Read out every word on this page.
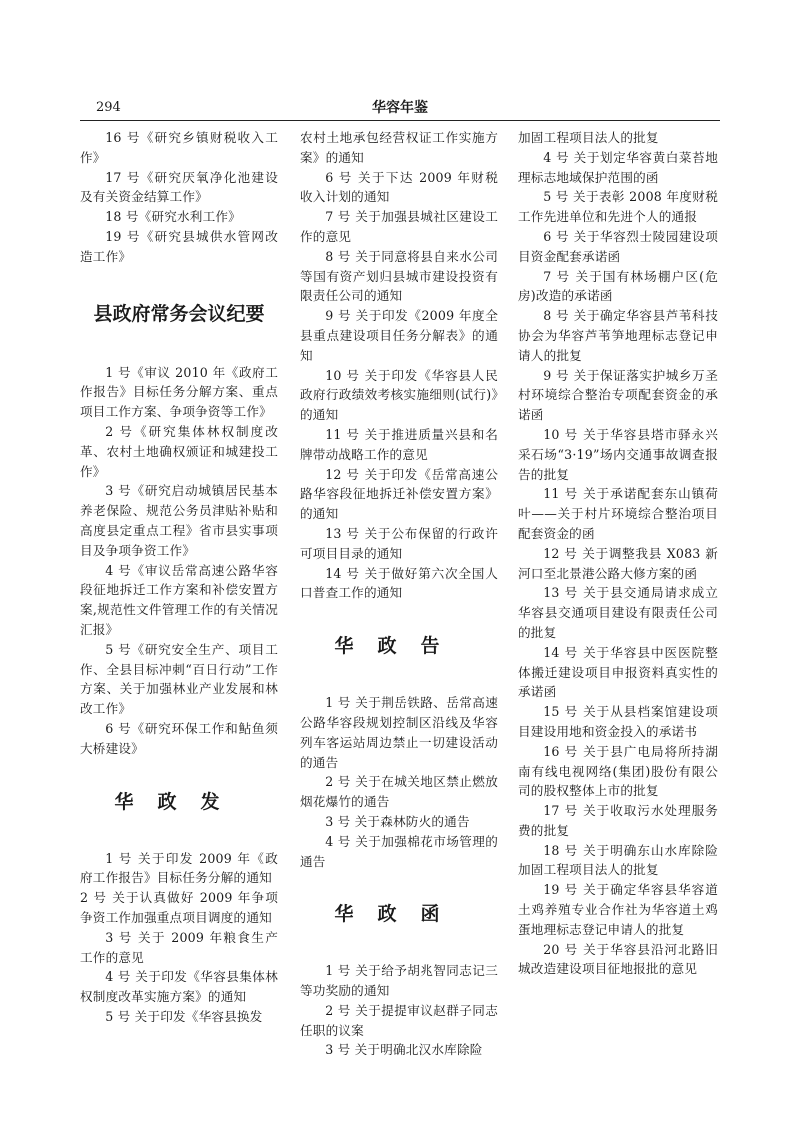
294	华容年鉴

16 号《研究乡镇财税收入工作》

17 号《研究厌氧净化池建设及有关资金结算工作》

18 号《研究水利工作》

19 号《研究县城供水管网改造工作》

县政府常务会议纪要

1 号《审议 2010 年《政府工作报告》目标任务分解方案、重点项目工作方案、争项争资等工作》

2 号《研究集体林权制度改革、农村土地确权颁证和城建投工作》

3 号《研究启动城镇居民基本养老保险、规范公务员津贴补贴和高度县定重点工程》省市县实事项目及争项争资工作》

4 号《审议岳常高速公路华容段征地拆迁工作方案和补偿安置方案,规范性文件管理工作的有关情况汇报》

5 号《研究安全生产、项目工作、全县目标冲刺“百日行动”工作方案、关于加强林业产业发展和林改工作》

6 号《研究环保工作和鲇鱼须大桥建设》

华政发

1 号 关于印发 2009 年《政府工作报告》目标任务分解的通知

2 号 关于认真做好 2009 年争项争资工作加强重点项目调度的通知

3 号 关于 2009 年粮食生产工作的意见

4 号 关于印发《华容县集体林权制度改革实施方案》的通知

5 号 关于印发《华容县换发

农村土地承包经营权证工作实施方案》的通知

6 号 关于下达 2009 年财税收入计划的通知

7 号 关于加强县城社区建设工作的意见

8 号 关于同意将县自来水公司等国有资产划归县城市建设投资有限责任公司的通知

9 号 关于印发《2009 年度全县重点建设项目任务分解表》的通知

10 号 关于印发《华容县人民政府行政绩效考核实施细则(试行)》的通知

11 号 关于推进质量兴县和名牌带动战略工作的意见

12 号 关于印发《岳常高速公路华容段征地拆迁补偿安置方案》的通知

13 号 关于公布保留的行政许可项目目录的通知

14 号 关于做好第六次全国人口普查工作的通知

华政告

1 号 关于荆岳铁路、岳常高速公路华容段规划控制区沿线及华容列车客运站周边禁止一切建设活动的通告

2 号 关于在城关地区禁止燃放烟花爆竹的通告

3 号 关于森林防火的通告

4 号 关于加强棉花市场管理的通告

华政函

1 号 关于给予胡兆智同志记三等功奖励的通知

2 号 关于提提审议赵群子同志任职的议案

3 号 关于明确北汉水库除险

加固工程项目法人的批复

4 号 关于划定华容黄白菜苔地理标志地域保护范围的函

5 号 关于表彰 2008 年度财税工作先进单位和先进个人的通报

6 号 关于华容烈士陵园建设项目资金配套承诺函

7 号 关于国有林场棚户区(危房)改造的承诺函

8 号 关于确定华容县芦苇科技协会为华容芦苇笋地理标志登记申请人的批复

9 号 关于保证落实护城乡万圣村环境综合整治专项配套资金的承诺函

10 号 关于华容县塔市驿永兴采石场“3·19”场内交通事故调查报告的批复

11 号 关于承诺配套东山镇荷叶——关于村片环境综合整治项目配套资金的函

12 号 关于调整我县 X083 新河口至北景港公路大修方案的函

13 号 关于县交通局请求成立华容县交通项目建设有限责任公司的批复

14 号 关于华容县中医医院整体搬迁建设项目申报资料真实性的承诺函

15 号 关于从县档案馆建设项目建设用地和资金投入的承诺书

16 号 关于县广电局将所持湖南有线电视网络(集团)股份有限公司的股权整体上市的批复

17 号 关于收取污水处理服务费的批复

18 号 关于明确东山水库除险加固工程项目法人的批复

19 号 关于确定华容县华容道土鸡养殖专业合作社为华容道土鸡蛋地理标志登记申请人的批复

20 号 关于华容县沿河北路旧城改造建设项目征地报批的意见
